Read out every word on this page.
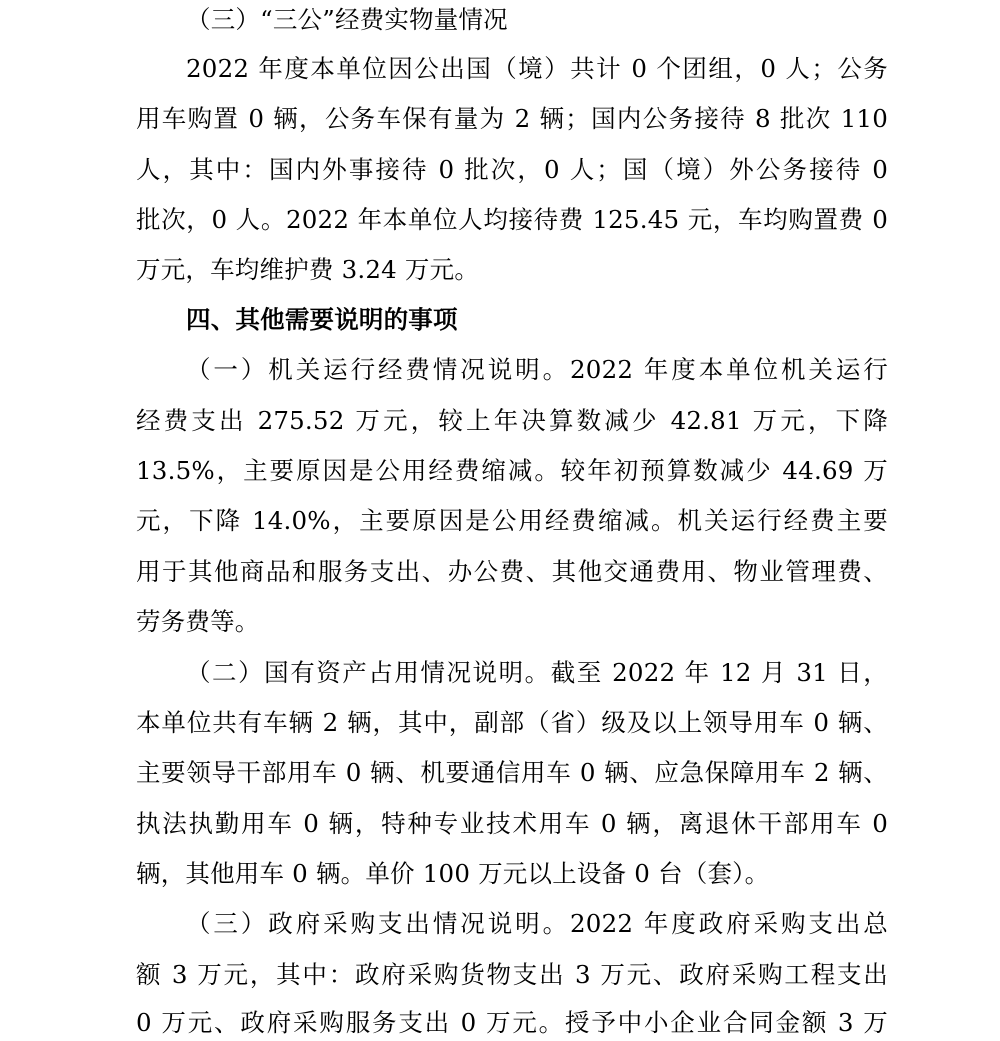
（三）“三公”经费实物量情况
2022 年度本单位因公出国（境）共计 0 个团组，0 人；公务
用车购置 0 辆，公务车保有量为 2 辆；国内公务接待 8 批次 110
人，其中：国内外事接待 0 批次，0 人；国（境）外公务接待 0
批次，0 人。2022 年本单位人均接待费 125.45 元，车均购置费 0
万元，车均维护费 3.24 万元。
四、其他需要说明的事项
（一）机关运行经费情况说明。2022 年度本单位机关运行
经费支出 275.52 万元，较上年决算数减少 42.81 万元，下降
13.5%，主要原因是公用经费缩减。较年初预算数减少 44.69 万
元，下降 14.0%，主要原因是公用经费缩减。机关运行经费主要
用于其他商品和服务支出、办公费、其他交通费用、物业管理费、
劳务费等。
（二）国有资产占用情况说明。截至 2022 年 12 月 31 日，
本单位共有车辆 2 辆，其中，副部（省）级及以上领导用车 0 辆、
主要领导干部用车 0 辆、机要通信用车 0 辆、应急保障用车 2 辆、
执法执勤用车 0 辆，特种专业技术用车 0 辆，离退休干部用车 0
辆，其他用车 0 辆。单价 100 万元以上设备 0 台（套）。
（三）政府采购支出情况说明。2022 年度政府采购支出总
额 3 万元，其中：政府采购货物支出 3 万元、政府采购工程支出
0 万元、政府采购服务支出 0 万元。授予中小企业合同金额 3 万
